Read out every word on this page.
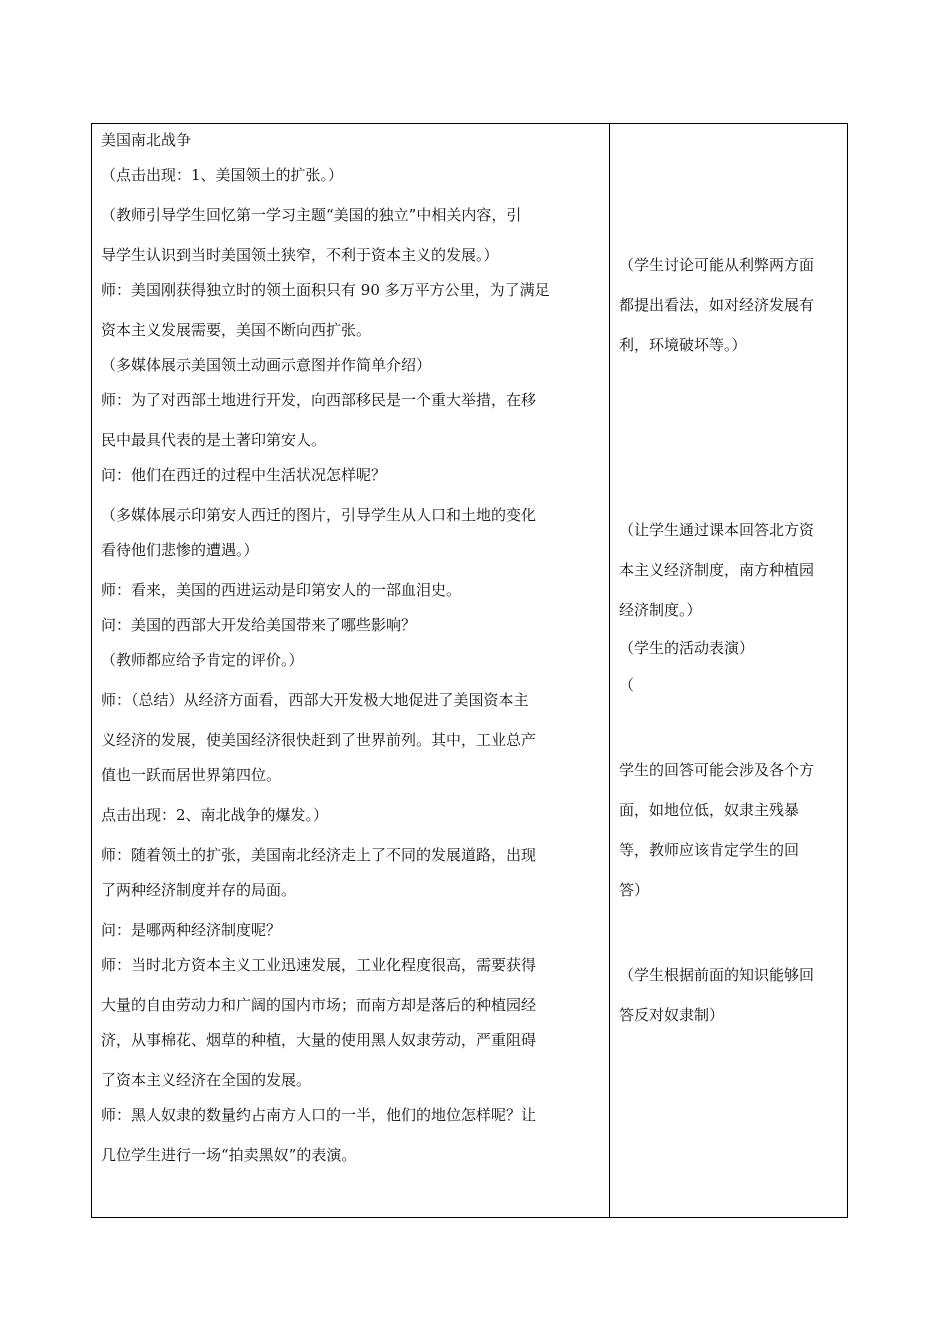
美国南北战争
（点击出现：1、美国领土的扩张。）
（教师引导学生回忆第一学习主题“美国的独立”中相关内容，引
导学生认识到当时美国领土狭窄，不利于资本主义的发展。）
师：美国刚获得独立时的领土面积只有 90 多万平方公里，为了满足
资本主义发展需要，美国不断向西扩张。
（多媒体展示美国领土动画示意图并作简单介绍）
师：为了对西部土地进行开发，向西部移民是一个重大举措，在移
民中最具代表的是土著印第安人。
问：他们在西迁的过程中生活状况怎样呢？
（多媒体展示印第安人西迁的图片，引导学生从人口和土地的变化
看待他们悲惨的遭遇。）
师：看来，美国的西进运动是印第安人的一部血泪史。
问：美国的西部大开发给美国带来了哪些影响？
（教师都应给予肯定的评价。）
师：（总结）从经济方面看，西部大开发极大地促进了美国资本主
义经济的发展，使美国经济很快赶到了世界前列。其中，工业总产
值也一跃而居世界第四位。
点击出现：2、南北战争的爆发。）
师：随着领土的扩张，美国南北经济走上了不同的发展道路，出现
了两种经济制度并存的局面。
问：是哪两种经济制度呢？
师：当时北方资本主义工业迅速发展，工业化程度很高，需要获得
大量的自由劳动力和广阔的国内市场；而南方却是落后的种植园经
济，从事棉花、烟草的种植，大量的使用黑人奴隶劳动，严重阻碍
了资本主义经济在全国的发展。
师：黑人奴隶的数量约占南方人口的一半，他们的地位怎样呢？让
几位学生进行一场“拍卖黑奴”的表演。
（学生讨论可能从利弊两方面
都提出看法，如对经济发展有
利，环境破坏等。）
（让学生通过课本回答北方资
本主义经济制度，南方种植园
经济制度。）
（学生的活动表演）
（
学生的回答可能会涉及各个方
面，如地位低，奴隶主残暴
等，教师应该肯定学生的回
答）
（学生根据前面的知识能够回
答反对奴隶制）
